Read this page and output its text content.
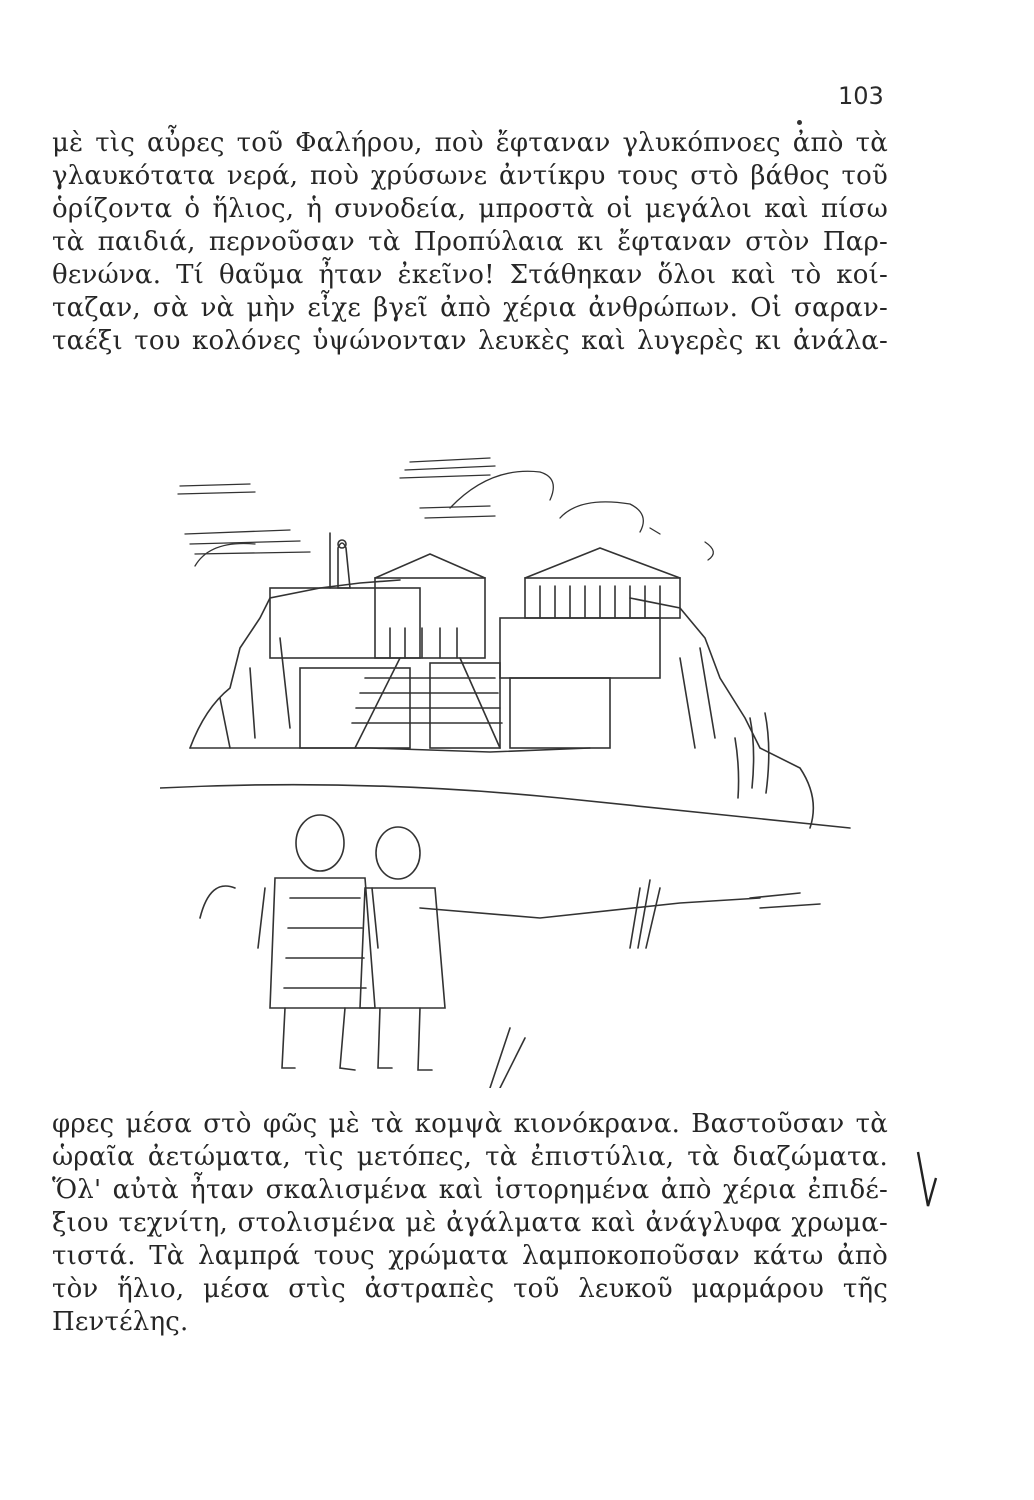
103
μὲ τὶς αὖρες τοῦ Φαλήρου, ποὺ ἔφταναν γλυκόπνοες ἀπὸ τὰ
γλαυκότατα νερά, ποὺ χρύσωνε ἀντίκρυ τους στὸ βάθος τοῦ
ὁρίζοντα ὁ ἥλιος, ἡ συνοδεία, μπροστὰ οἱ μεγάλοι καὶ πίσω
τὰ παιδιά, περνοῦσαν τὰ Προπύλαια κι ἔφταναν στὸν Παρ-
θενώνα. Τί θαῦμα ἦταν ἐκεῖνο! Στάθηκαν ὅλοι καὶ τὸ κοί-
ταζαν, σὰ νὰ μὴν εἶχε βγεῖ ἀπὸ χέρια ἀνθρώπων. Οἱ σαραν-
ταέξι του κολόνες ὑψώνονταν λευκὲς καὶ λυγερὲς κι ἀνάλα-
φρες μέσα στὸ φῶς μὲ τὰ κομψὰ κιονόκρανα. Βαστοῦσαν τὰ
ὡραῖα ἀετώματα, τὶς μετόπες, τὰ ἐπιστύλια, τὰ διαζώματα.
Ὅλ' αὐτὰ ἦταν σκαλισμένα καὶ ἱστορημένα ἀπὸ χέρια ἐπιδέ-
ξιου τεχνίτη, στολισμένα μὲ ἀγάλματα καὶ ἀνάγλυφα χρωμα-
τιστά. Τὰ λαμπρά τους χρώματα λαμποκοποῦσαν κάτω ἀπὸ
τὸν ἥλιο, μέσα στὶς ἀστραπὲς τοῦ λευκοῦ μαρμάρου τῆς
Πεντέλης.
